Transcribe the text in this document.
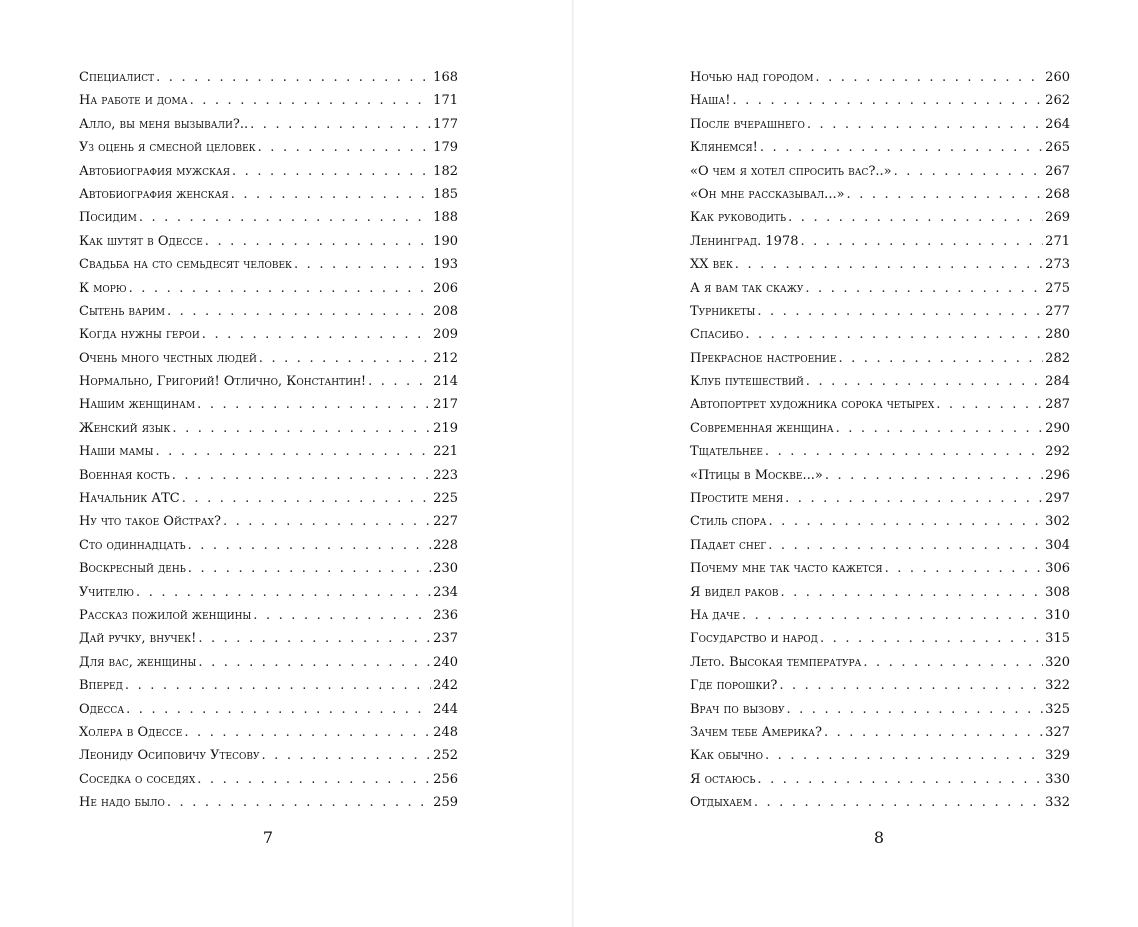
Специалист . . .	168
На работе и дома . . .	171
Алло, вы меня вызывали?.. . . .	177
Уз оцень я смесной целовек . . .	179
Автобиография мужская . . .	182
Автобиография женская . . .	185
Посидим . . .	188
Как шутят в Одессе . . .	190
Свадьба на сто семьдесят человек . . .	193
К морю . . .	206
Сытень варим . . .	208
Когда нужны герои . . .	209
Очень много честных людей . . .	212
Нормально, Григорий! Отлично, Константин! . . .	214
Нашим женщинам . . .	217
Женский язык . . .	219
Наши мамы . . .	221
Военная кость . . .	223
Начальник АТС . . .	225
Ну что такое Ойстрах? . . .	227
Сто одиннадцать . . .	228
Воскресный день . . .	230
Учителю . . .	234
Рассказ пожилой женщины . . .	236
Дай ручку, внучек! . . .	237
Для вас, женщины . . .	240
Вперед . . .	242
Одесса . . .	244
Холера в Одессе . . .	248
Леониду Осиповичу Утесову . . .	252
Соседка о соседях . . .	256
Не надо было . . .	259
7
Ночью над городом . . .	260
Наша! . . .	262
После вчерашнего . . .	264
Клянемся! . . .	265
«О чем я хотел спросить вас?..» . . .	267
«Он мне рассказывал...» . . .	268
Как руководить . . .	269
Ленинград. 1978 . . .	271
XX век . . .	273
А я вам так скажу . . .	275
Турникеты . . .	277
Спасибо . . .	280
Прекрасное настроение . . .	282
Клуб путешествий . . .	284
Автопортрет художника сорока четырех . . .	287
Современная женщина . . .	290
Тщательнее . . .	292
«Птицы в Москве...» . . .	296
Простите меня . . .	297
Стиль спора . . .	302
Падает снег . . .	304
Почему мне так часто кажется . . .	306
Я видел раков . . .	308
На даче . . .	310
Государство и народ . . .	315
Лето. Высокая температура . . .	320
Где порошки? . . .	322
Врач по вызову . . .	325
Зачем тебе Америка? . . .	327
Как обычно . . .	329
Я остаюсь . . .	330
Отдыхаем . . .	332
8
